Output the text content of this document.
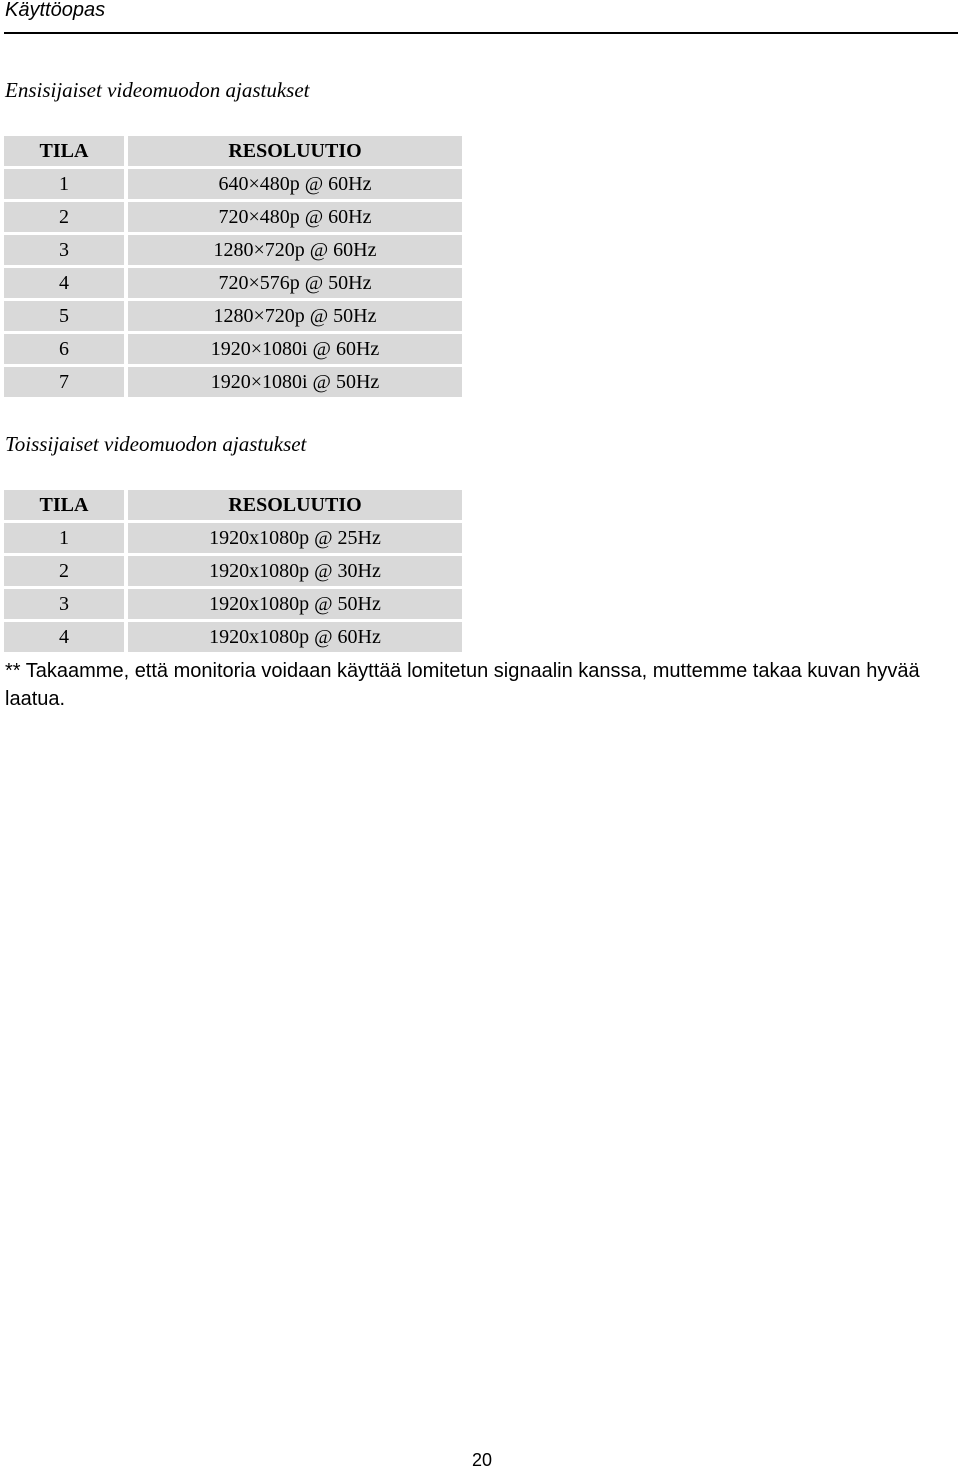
Käyttöopas
Ensisijaiset videomuodon ajastukset
TILA	RESOLUUTIO
1	640×480p @ 60Hz
2	720×480p @ 60Hz
3	1280×720p @ 60Hz
4	720×576p @ 50Hz
5	1280×720p @ 50Hz
6	1920×1080i @ 60Hz
7	1920×1080i @ 50Hz
Toissijaiset videomuodon ajastukset
TILA	RESOLUUTIO
1	1920x1080p @ 25Hz
2	1920x1080p @ 30Hz
3	1920x1080p @ 50Hz
4	1920x1080p @ 60Hz
** Takaamme, että monitoria voidaan käyttää lomitetun signaalin kanssa, muttemme takaa kuvan hyvää laatua.
20
